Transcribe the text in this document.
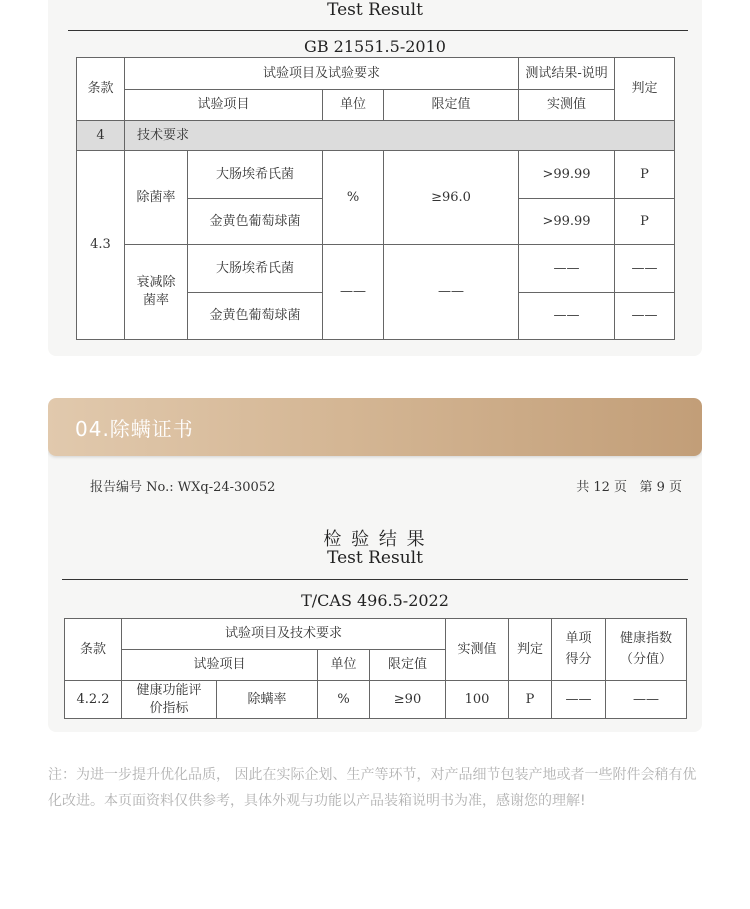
Test Result
GB 21551.5-2010
条款	试验项目及试验要求				测试结果-说明	判定
	试验项目		单位	限定值	实测值	
4	技术要求					
4.3	除菌率	大肠埃希氏菌	%	≥96.0	>99.99	P
		金黄色葡萄球菌			>99.99	P
	衰减除菌率	大肠埃希氏菌	——	——	——	——
		金黄色葡萄球菌			——	——
04.除螨证书
报告编号 No.: WXq-24-30052	共 12 页   第 9 页
检 验 结 果
Test Result
T/CAS 496.5-2022
条款	试验项目及技术要求				实测值	判定	单项得分	健康指数（分值）
	试验项目		单位	限定值				
4.2.2	健康功能评价指标	除螨率	%	≥90	100	P	——	——
注：为进一步提升优化品质， 因此在实际企划、生产等环节，对产品细节包装产地或者一些附件会稍有优化改进。本页面资料仅供参考，具体外观与功能以产品装箱说明书为准，感谢您的理解!
